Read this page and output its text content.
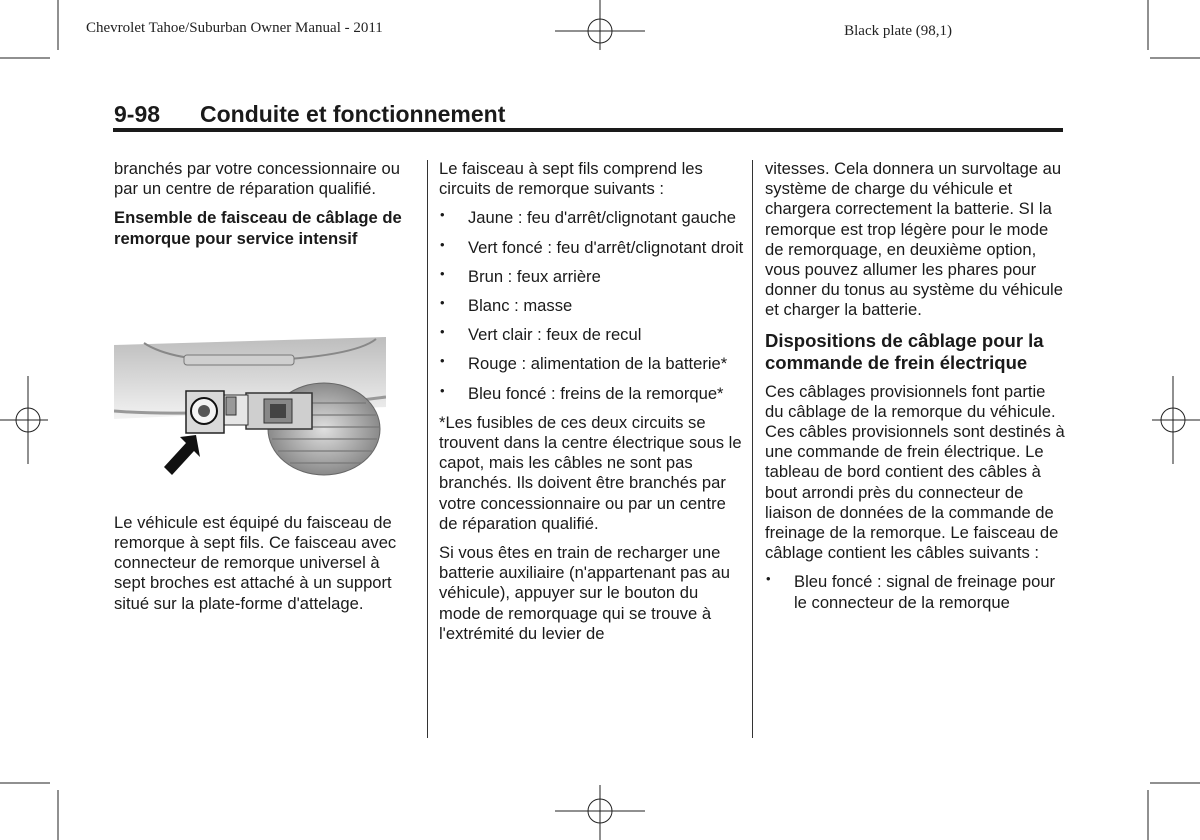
Chevrolet Tahoe/Suburban Owner Manual - 2011	Black plate (98,1)
9-98 Conduite et fonctionnement

branchés par votre concessionnaire ou par un centre de réparation qualifié.

Ensemble de faisceau de câblage de remorque pour service intensif

Le véhicule est équipé du faisceau de remorque à sept fils. Ce faisceau avec connecteur de remorque universel à sept broches est attaché à un support situé sur la plate-forme d'attelage.

Le faisceau à sept fils comprend les circuits de remorque suivants :

• Jaune : feu d'arrêt/clignotant gauche
• Vert foncé : feu d'arrêt/clignotant droit
• Brun : feux arrière
• Blanc : masse
• Vert clair : feux de recul
• Rouge : alimentation de la batterie*
• Bleu foncé : freins de la remorque*

*Les fusibles de ces deux circuits se trouvent dans la centre électrique sous le capot, mais les câbles ne sont pas branchés. Ils doivent être branchés par votre concessionnaire ou par un centre de réparation qualifié.

Si vous êtes en train de recharger une batterie auxiliaire (n'appartenant pas au véhicule), appuyer sur le bouton du mode de remorquage qui se trouve à l'extrémité du levier de

vitesses. Cela donnera un survoltage au système de charge du véhicule et chargera correctement la batterie. SI la remorque est trop légère pour le mode de remorquage, en deuxième option, vous pouvez allumer les phares pour donner du tonus au système du véhicule et charger la batterie.

Dispositions de câblage pour la commande de frein électrique

Ces câblages provisionnels font partie du câblage de la remorque du véhicule. Ces câbles provisionnels sont destinés à une commande de frein électrique. Le tableau de bord contient des câbles à bout arrondi près du connecteur de liaison de données de la commande de freinage de la remorque. Le faisceau de câblage contient les câbles suivants :

• Bleu foncé : signal de freinage pour le connecteur de la remorque
